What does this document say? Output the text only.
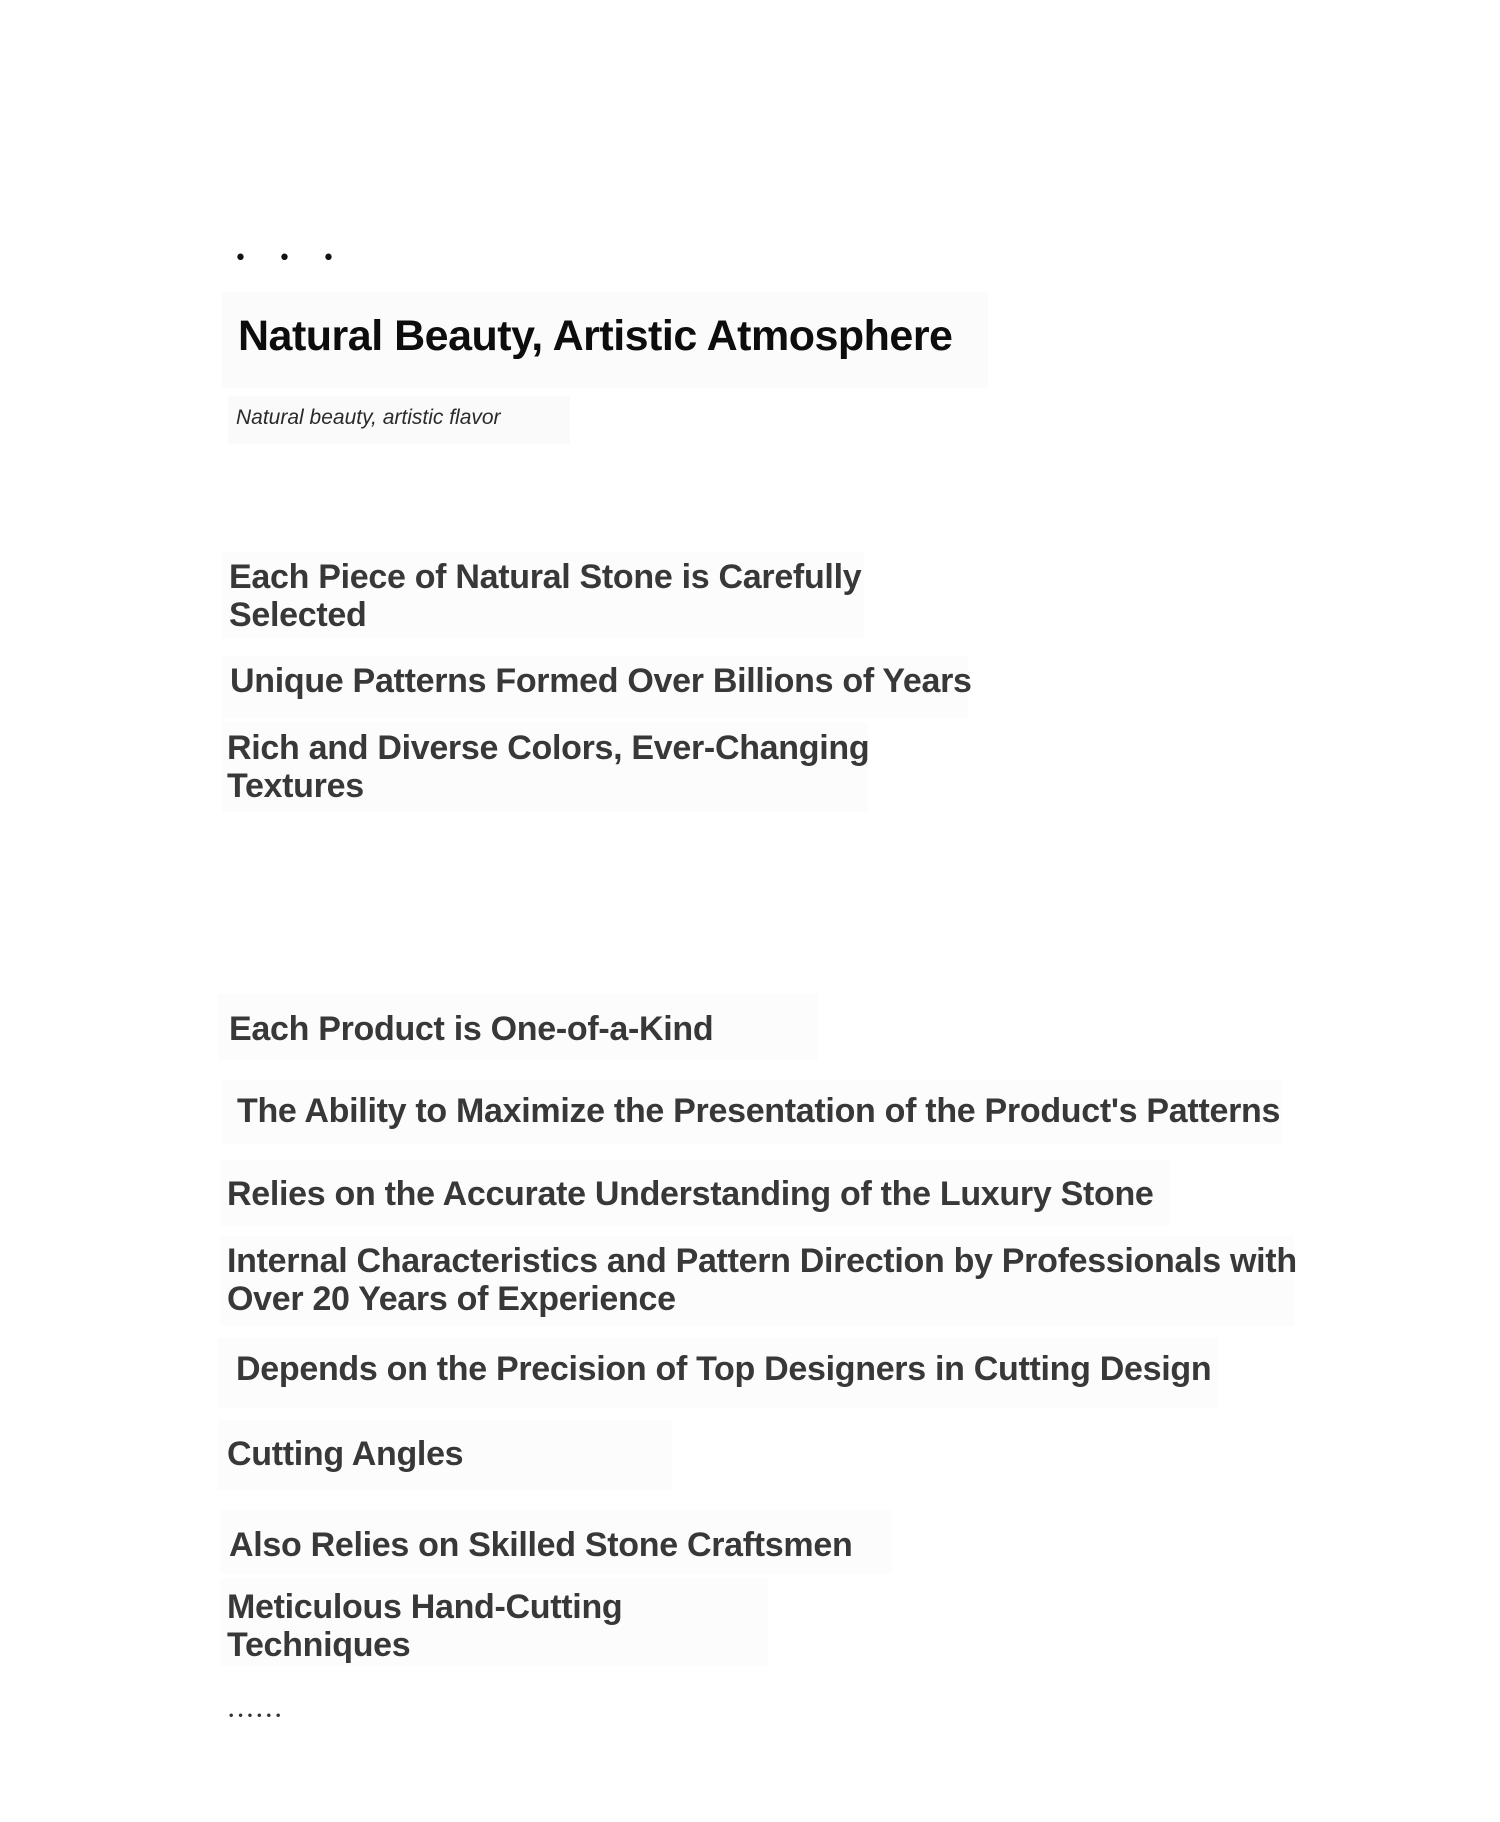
• • •
Natural Beauty, Artistic Atmosphere
Natural beauty, artistic flavor
Each Piece of Natural Stone is Carefully
Selected
Unique Patterns Formed Over Billions of Years
Rich and Diverse Colors, Ever-Changing
Textures
Each Product is One-of-a-Kind
The Ability to Maximize the Presentation of the Product's Patterns
Relies on the Accurate Understanding of the Luxury Stone
Internal Characteristics and Pattern Direction by Professionals with
Over 20 Years of Experience
Depends on the Precision of Top Designers in Cutting Design
Cutting Angles
Also Relies on Skilled Stone Craftsmen
Meticulous Hand-Cutting
Techniques
••••••
